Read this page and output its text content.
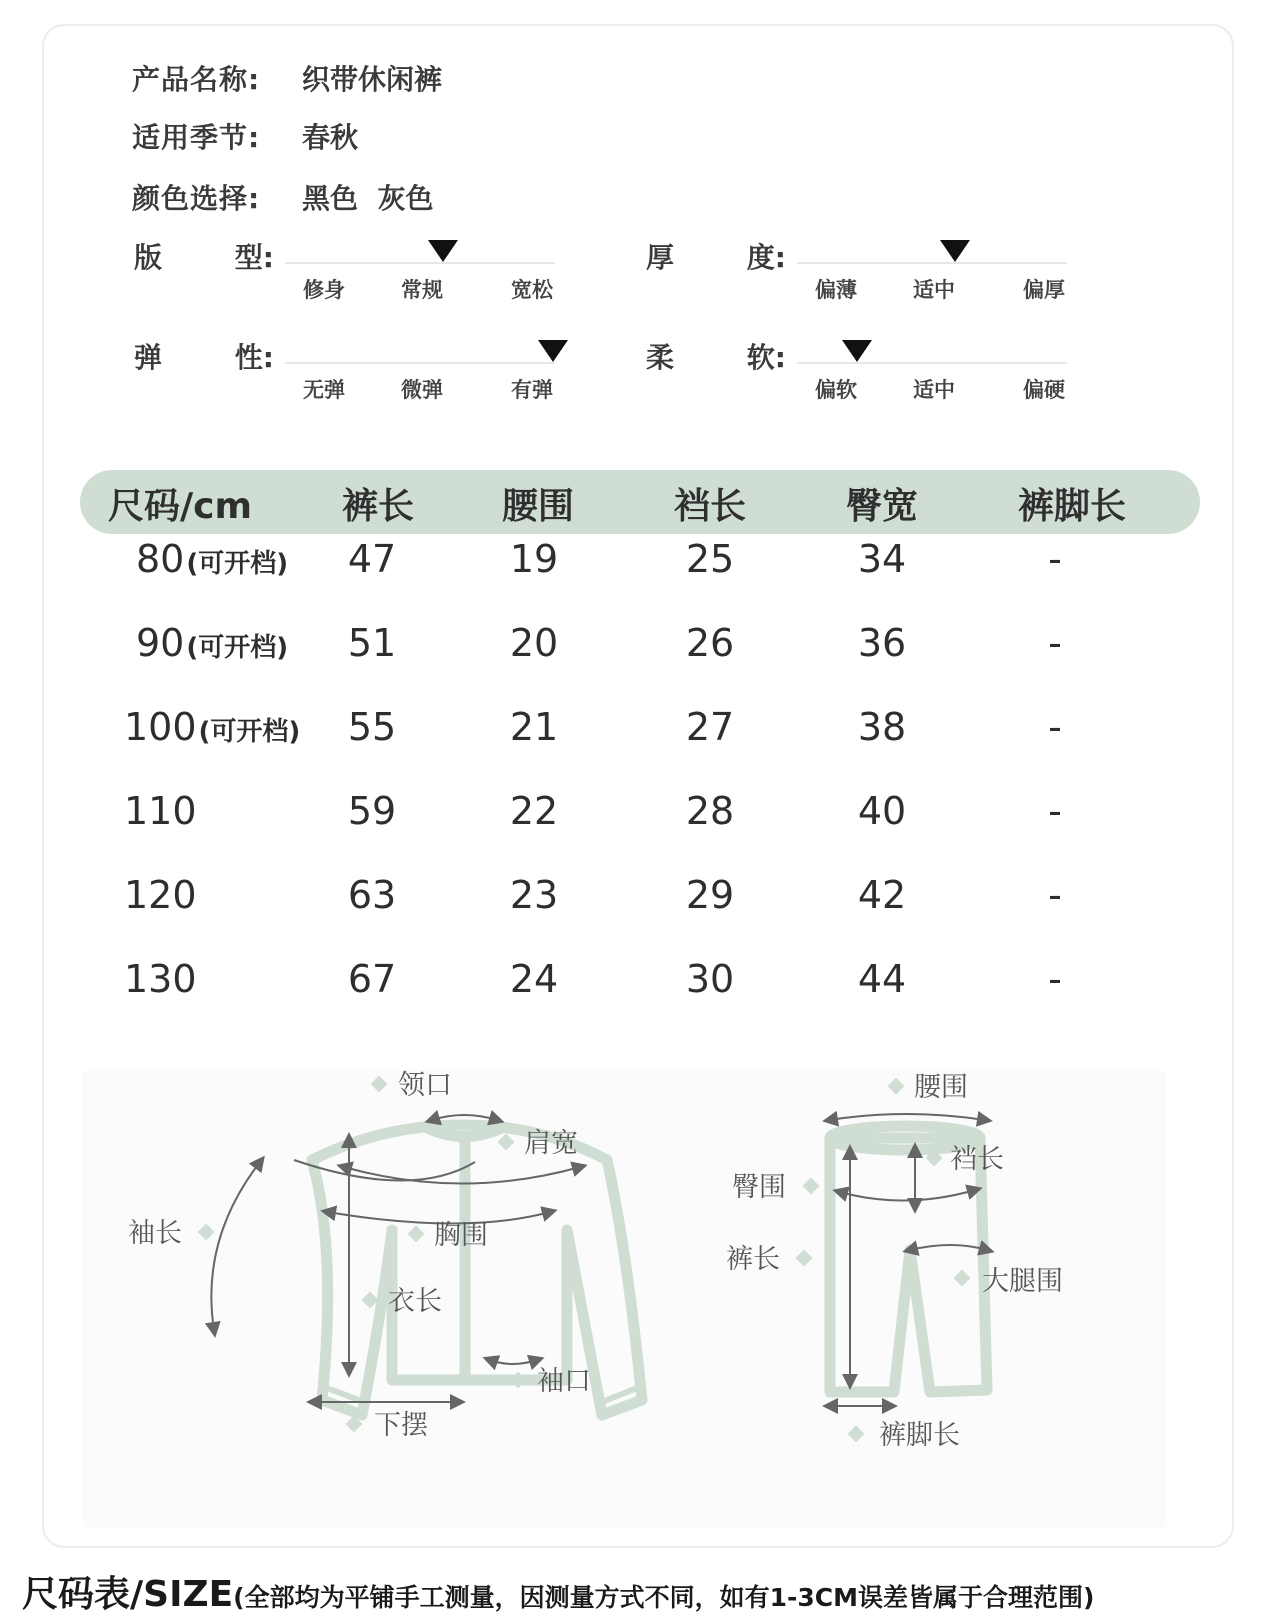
产品名称: 织带休闲裤
适用季节: 春秋
颜色选择: 黑色  灰色
版	型:
修身	常规	宽松
厚	度:
偏薄	适中	偏厚
弹	性:
无弹	微弹	有弹
柔	软:
偏软	适中	偏硬
尺码/cm 裤长 腰围	裆长	臀宽	裤脚长
80(可开档) 47	19	25	34	-
90(可开档) 51	20	26	36	-
100(可开档) 55	21	27	38	-
110	59	22	28	40	-
120	63	23	29	42	-
130	67	24	30	44	-
领口
肩宽
袖长	胸围
衣长
袖口
下摆
腰围
裆长
臀围
裤长
大腿围
裤脚长
尺码表/SIZE(全部均为平铺手工测量，因测量方式不同，如有1-3CM误差皆属于合理范围)
